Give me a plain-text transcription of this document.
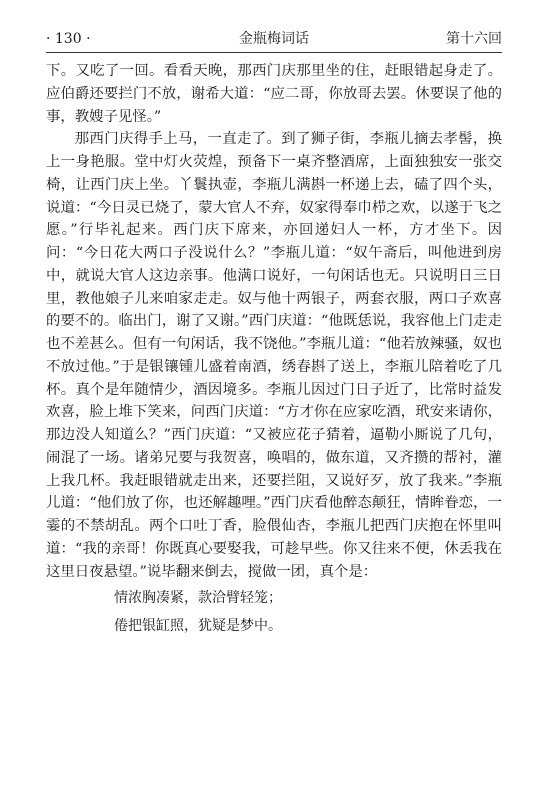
· 130 ·	金瓶梅词话	第十六回

下。又吃了一回。看看天晚，那西门庆那里坐的住，赶眼错起身走了。应伯爵还要拦门不放，谢希大道：“应二哥，你放哥去罢。休要误了他的事，教嫂子见怪。”

那西门庆得手上马，一直走了。到了狮子街，李瓶儿摘去孝髻，换上一身艳服。堂中灯火荧煌，预备下一桌齐整酒席，上面独独安一张交椅，让西门庆上坐。丫鬟执壶，李瓶儿满斟一杯递上去，磕了四个头，说道：“今日灵已烧了，蒙大官人不弃，奴家得奉巾栉之欢，以遂于飞之愿。”行毕礼起来。西门庆下席来，亦回递妇人一杯，方才坐下。因问：“今日花大两口子没说什么？”李瓶儿道：“奴午斋后，叫他进到房中，就说大官人这边亲事。他满口说好，一句闲话也无。只说明日三日里，教他娘子儿来咱家走走。奴与他十两银子，两套衣服，两口子欢喜的要不的。临出门，谢了又谢。”西门庆道：“他既恁说，我容他上门走走也不差甚么。但有一句闲话，我不饶他。”李瓶儿道：“他若放辣骚，奴也不放过他。”于是银镶锺儿盛着南酒，绣春斟了送上，李瓶儿陪着吃了几杯。真个是年随情少，酒因境多。李瓶儿因过门日子近了，比常时益发欢喜，脸上堆下笑来，问西门庆道：“方才你在应家吃酒，玳安来请你，那边没人知道么？”西门庆道：“又被应花子猜着，逼勒小厮说了几句，闹混了一场。诸弟兄要与我贺喜，唤唱的，做东道，又齐攒的帮衬，灌上我几杯。我赶眼错就走出来，还要拦阻，又说好歹，放了我来。”李瓶儿道：“他们放了你，也还解趣哩。”西门庆看他醉态颠狂，情眸眷恋，一霎的不禁胡乱。两个口吐丁香，脸偎仙杏，李瓶儿把西门庆抱在怀里叫道：“我的亲哥！你既真心要娶我，可趁早些。你又往来不便，休丢我在这里日夜悬望。”说毕翻来倒去，搅做一团，真个是：

情浓胸凑紧，款洽臂轻笼；
倦把银缸照，犹疑是梦中。
